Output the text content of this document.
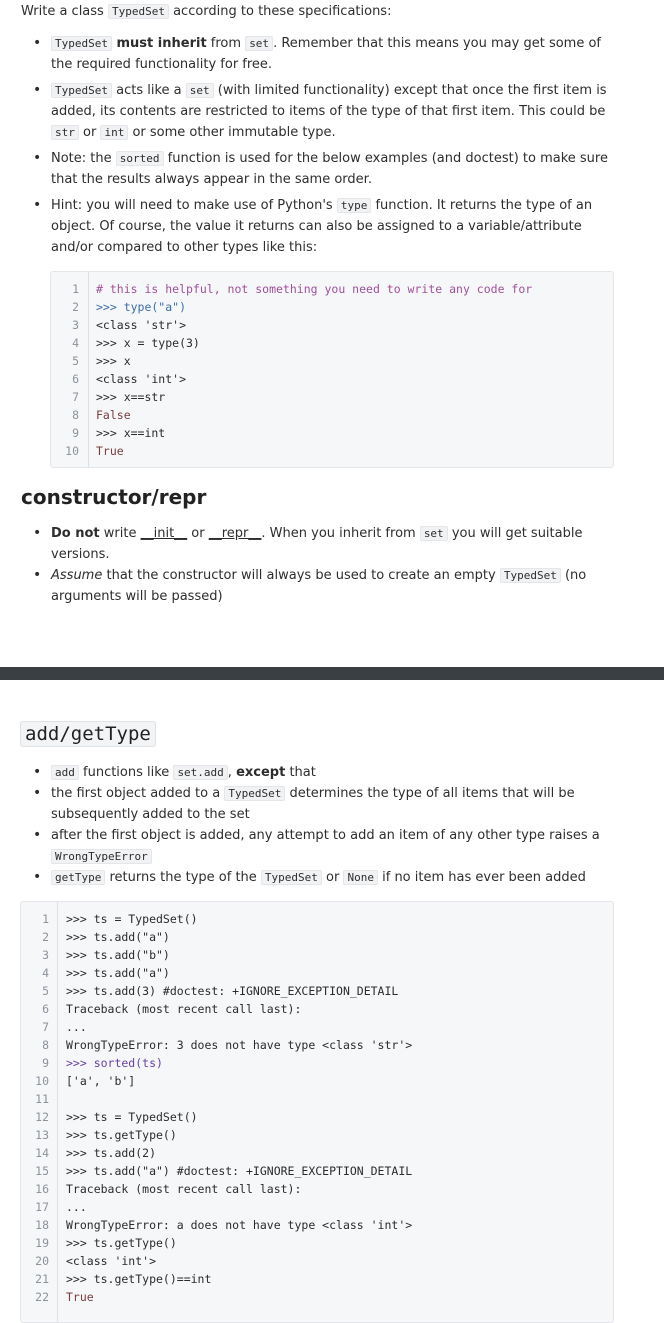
Write a class TypedSet according to these specifications:

• TypedSet must inherit from set . Remember that this means you may get some of the required functionality for free.
• TypedSet acts like a set (with limited functionality) except that once the first item is added, its contents are restricted to items of the type of that first item. This could be str or int or some other immutable type.
• Note: the sorted function is used for the below examples (and doctest) to make sure that the results always appear in the same order.
• Hint: you will need to make use of Python's type function. It returns the type of an object. Of course, the value it returns can also be assigned to a variable/attribute and/or compared to other types like this:
1 # this is helpful, not something you need to write any code for
2 >>> type("a")
3 <class 'str'>
4 >>> x = type(3)
5 >>> x
6 <class 'int'>
7 >>> x==str
8 False
9 >>> x==int
10 True
constructor/repr
• Do not write __init__ or __repr__. When you inherit from set you will get suitable versions.
• Assume that the constructor will always be used to create an empty TypedSet (no arguments will be passed)
add/getType
• add functions like set.add , except that
• the first object added to a TypedSet determines the type of all items that will be subsequently added to the set
• after the first object is added, any attempt to add an item of any other type raises a WrongTypeError
• getType returns the type of the TypedSet or None if no item has ever been added
1 >>> ts = TypedSet()
2 >>> ts.add("a")
3 >>> ts.add("b")
4 >>> ts.add("a")
5 >>> ts.add(3) #doctest: +IGNORE_EXCEPTION_DETAIL
6 Traceback (most recent call last):
7 ...
8 WrongTypeError: 3 does not have type <class 'str'>
9 >>> sorted(ts)
10 ['a', 'b']
11
12 >>> ts = TypedSet()
13 >>> ts.getType()
14 >>> ts.add(2)
15 >>> ts.add("a") #doctest: +IGNORE_EXCEPTION_DETAIL
16 Traceback (most recent call last):
17 ...
18 WrongTypeError: a does not have type <class 'int'>
19 >>> ts.getType()
20 <class 'int'>
21 >>> ts.getType()==int
22 True
